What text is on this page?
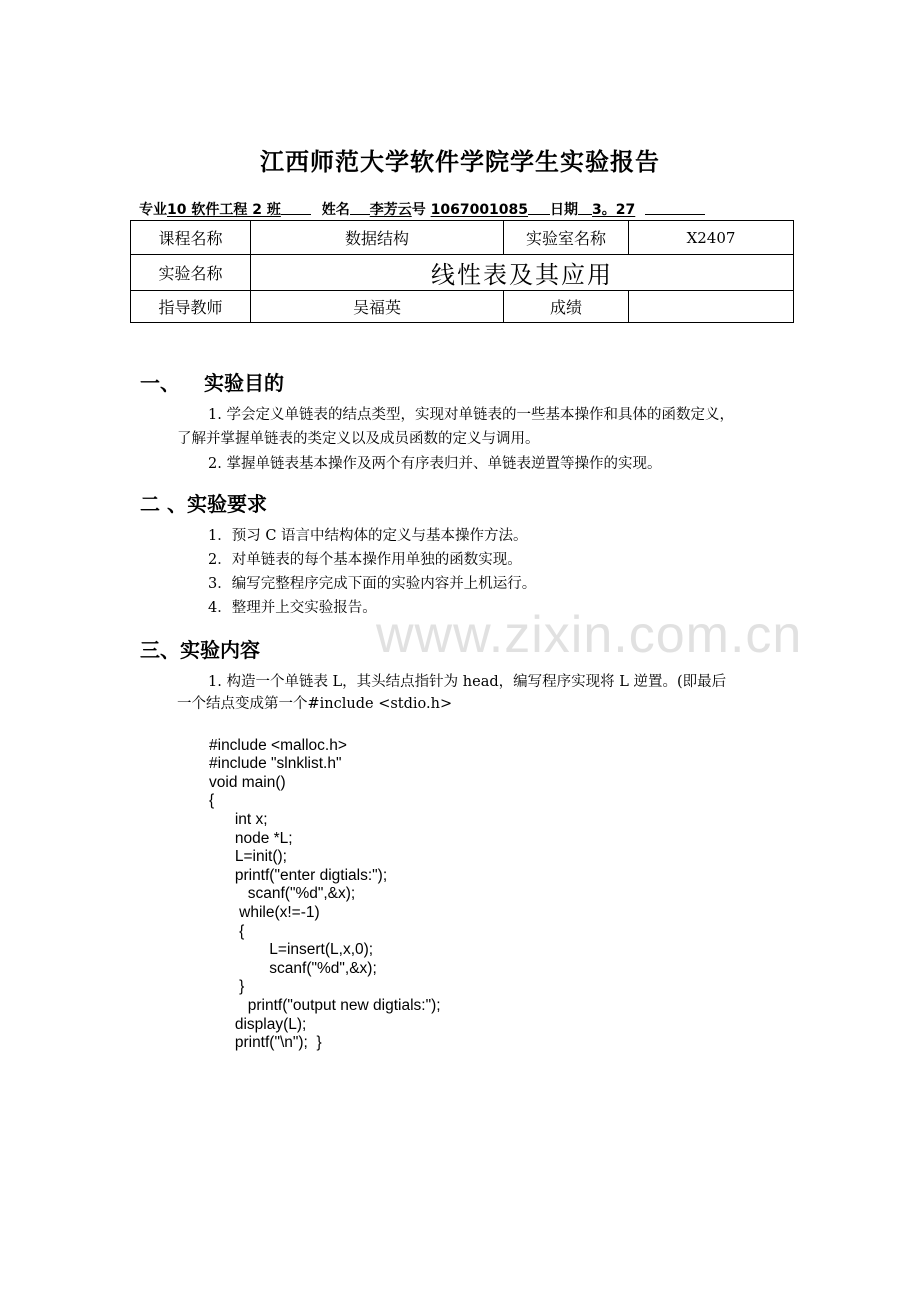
www.zixin.com.cn
江西师范大学软件学院学生实验报告
专业10 软件工程 2 班	姓名 李芳云号 1067001085 日期 3。27
课程名称	数据结构	实验室名称	X2407
实验名称	线性表及其应用		
指导教师	吴福英	成绩	
一、 实验目的
1. 学会定义单链表的结点类型，实现对单链表的一些基本操作和具体的函数定义，
了解并掌握单链表的类定义以及成员函数的定义与调用。
2. 掌握单链表基本操作及两个有序表归并、单链表逆置等操作的实现。
二 、实验要求
1．预习 C 语言中结构体的定义与基本操作方法。
2．对单链表的每个基本操作用单独的函数实现。
3．编写完整程序完成下面的实验内容并上机运行。
4．整理并上交实验报告。
三、实验内容
1. 构造一个单链表 L，其头结点指针为 head，编写程序实现将 L 逆置。(即最后
一个结点变成第一个#include <stdio.h>

#include <malloc.h>
#include "slnklist.h"
void main()
{
int x;
node *L;
L=init();
printf("enter digtials:");
scanf("%d",&x);
while(x!=-1)
{
L=insert(L,x,0);
scanf("%d",&x);
}
printf("output new digtials:");
display(L);
printf("\n");  }
